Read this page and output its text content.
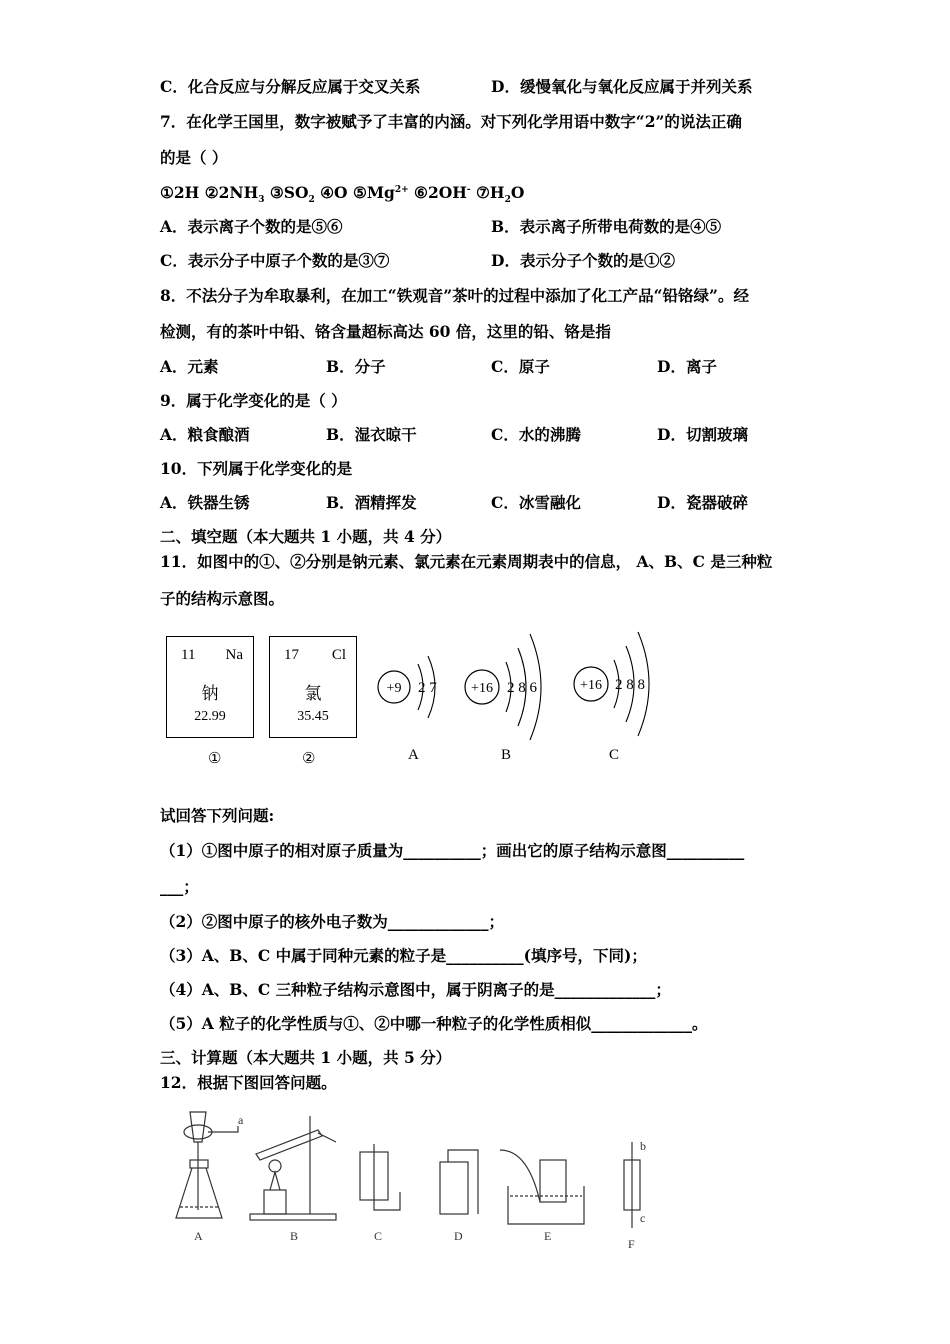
C．化合反应与分解反应属于交叉关系	D．缓慢氧化与氧化反应属于并列关系
7．在化学王国里，数字被赋予了丰富的内涵。对下列化学用语中数字“2”的说法正确
的是（ ）
①2H $②2NH_3$ $③SO_2$ ④O $⑤Mg^{2+}$ ⑥2OH- $⑦H_2O$
A．表示离子个数的是⑤⑥	B．表示离子所带电荷数的是④⑤
C．表示分子中原子个数的是③⑦	D．表示分子个数的是①②
8．不法分子为牟取暴利，在加工“铁观音”茶叶的过程中添加了化工产品“铅铬绿”。经
检测，有的茶叶中铅、铬含量超标高达 60 倍，这里的铅、铬是指
A．元素	B．分子	C．原子	D．离子
9．属于化学变化的是（ ）
A．粮食酿酒	B．湿衣晾干	C．水的沸腾	D．切割玻璃
10．下列属于化学变化的是
A．铁器生锈	B．酒精挥发	C．冰雪融化	D．瓷器破碎
二、填空题（本大题共 1 小题，共 4 分）
11．如图中的①、②分别是钠元素、氯元素在元素周期表中的信息， A、B、C 是三种粒
子的结构示意图。
11 Na
钠
22.99
①
17 Cl
氯
35.45
②
+9 2 7
A
+16 2 8 6
B
+16 2 8 8
C
试回答下列问题:
（1）①图中原子的相对原子质量为__________；画出它的原子结构示意图__________
___；
（2）②图中原子的核外电子数为_____________；
（3）A、B、C 中属于同种元素的粒子是__________(填序号，下同)；
（4）A、B、C 三种粒子结构示意图中，属于阴离子的是_____________；
（5）A 粒子的化学性质与①、②中哪一种粒子的化学性质相似_____________。
三、计算题（本大题共 1 小题，共 5 分）
12．根据下图回答问题。
a
b
c
A	B	C	D	E
F
